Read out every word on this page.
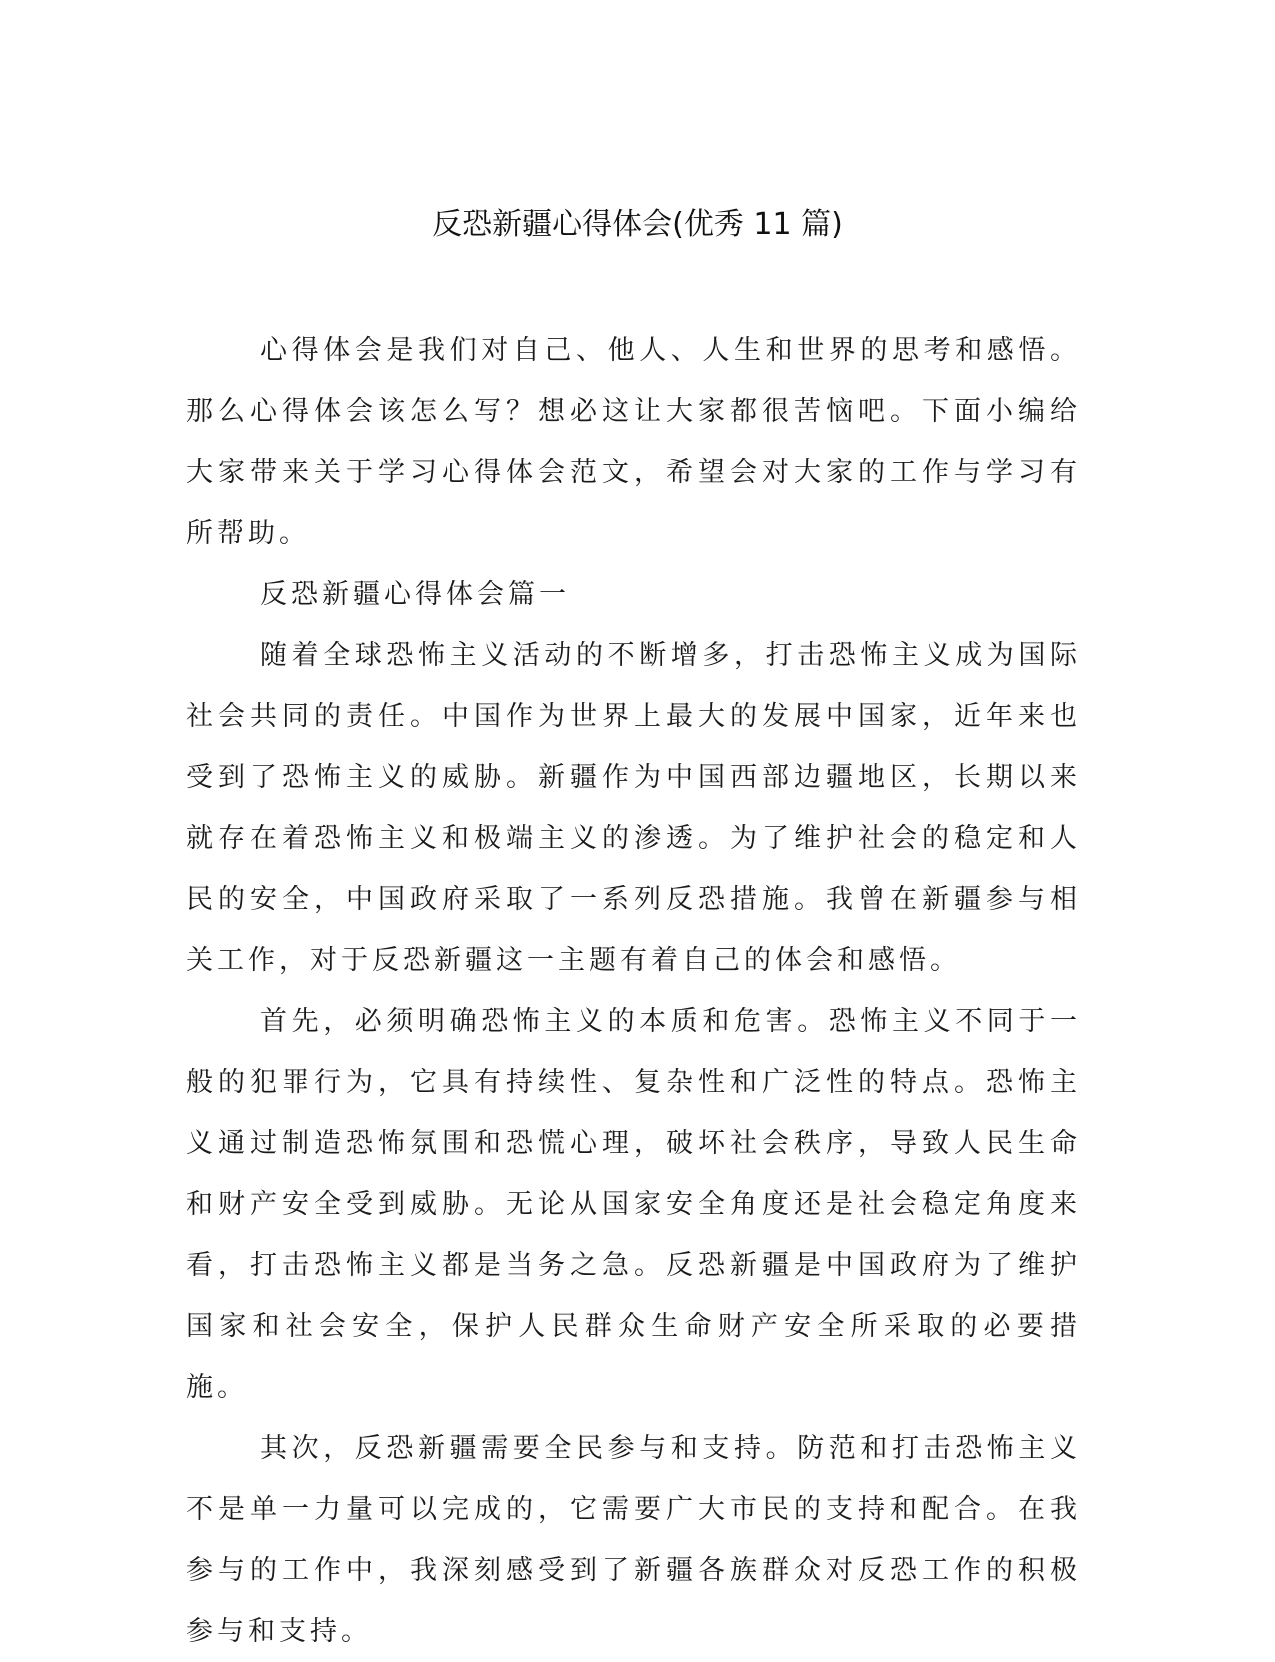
反恐新疆心得体会(优秀 11 篇)

心得体会是我们对自己、他人、人生和世界的思考和感悟。那么心得体会该怎么写？想必这让大家都很苦恼吧。下面小编给大家带来关于学习心得体会范文，希望会对大家的工作与学习有所帮助。

反恐新疆心得体会篇一

随着全球恐怖主义活动的不断增多，打击恐怖主义成为国际社会共同的责任。中国作为世界上最大的发展中国家，近年来也受到了恐怖主义的威胁。新疆作为中国西部边疆地区，长期以来就存在着恐怖主义和极端主义的渗透。为了维护社会的稳定和人民的安全，中国政府采取了一系列反恐措施。我曾在新疆参与相关工作，对于反恐新疆这一主题有着自己的体会和感悟。

首先，必须明确恐怖主义的本质和危害。恐怖主义不同于一般的犯罪行为，它具有持续性、复杂性和广泛性的特点。恐怖主义通过制造恐怖氛围和恐慌心理，破坏社会秩序，导致人民生命和财产安全受到威胁。无论从国家安全角度还是社会稳定角度来看，打击恐怖主义都是当务之急。反恐新疆是中国政府为了维护国家和社会安全，保护人民群众生命财产安全所采取的必要措施。

其次，反恐新疆需要全民参与和支持。防范和打击恐怖主义不是单一力量可以完成的，它需要广大市民的支持和配合。在我参与的工作中，我深刻感受到了新疆各族群众对反恐工作的积极参与和支持。
